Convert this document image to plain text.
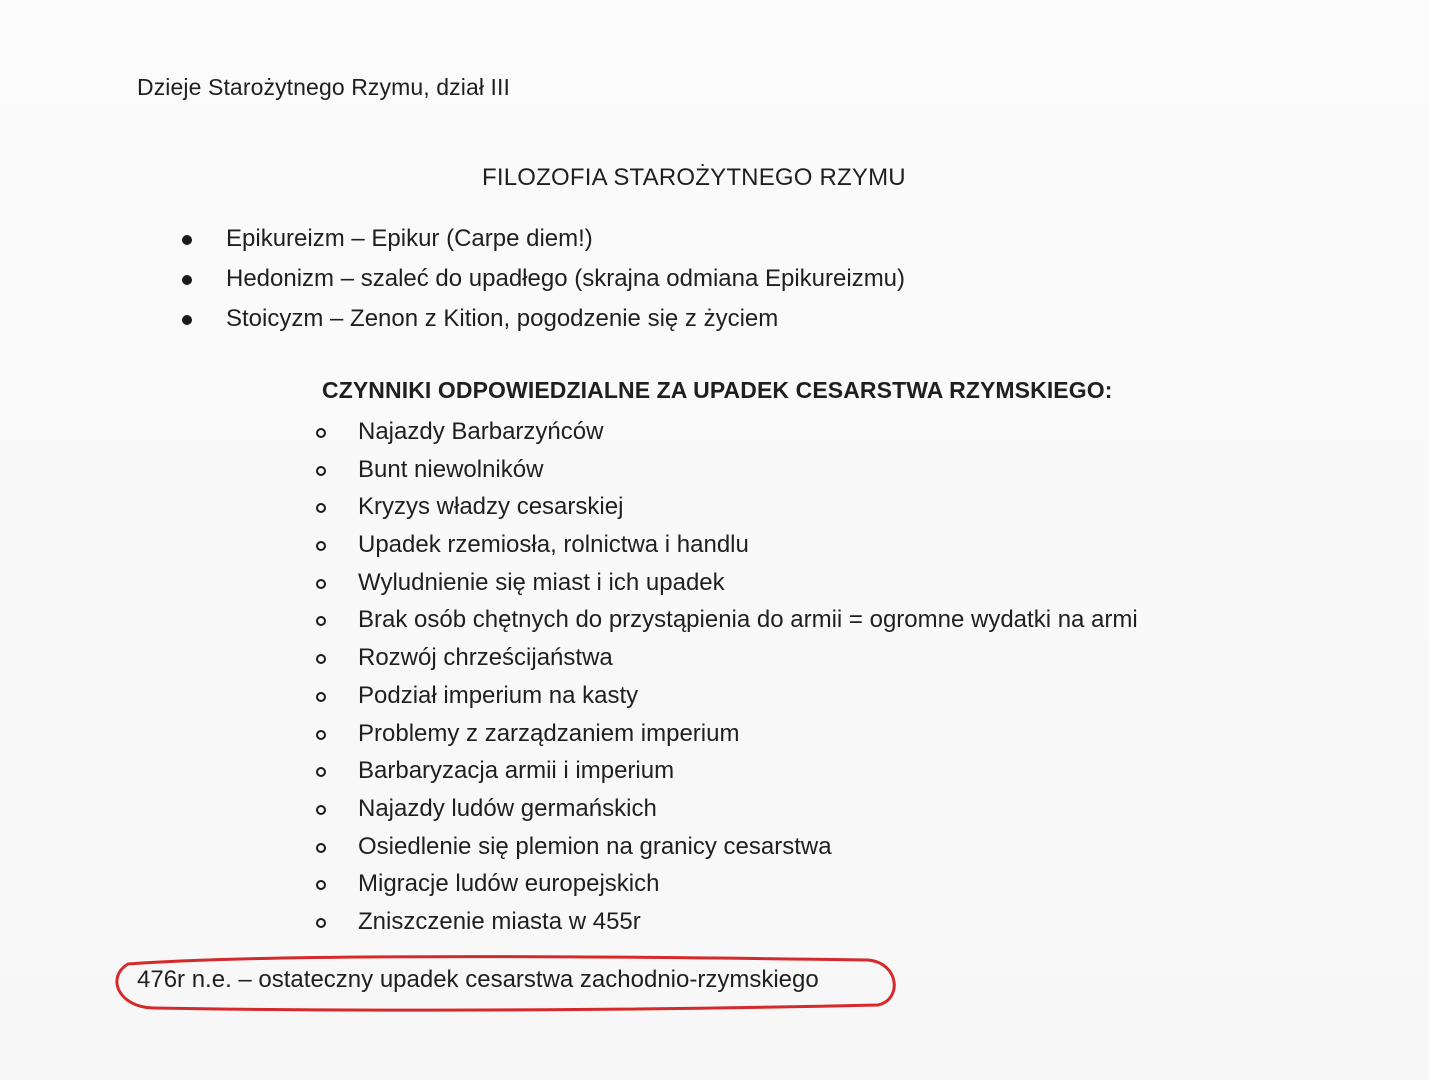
Dzieje Starożytnego Rzymu, dział III
FILOZOFIA STAROŻYTNEGO RZYMU
Epikureizm – Epikur (Carpe diem!)
Hedonizm – szaleć do upadłego (skrajna odmiana Epikureizmu)
Stoicyzm – Zenon z Kition, pogodzenie się z życiem
CZYNNIKI ODPOWIEDZIALNE ZA UPADEK CESARSTWA RZYMSKIEGO:
Najazdy Barbarzyńców
Bunt niewolników
Kryzys władzy cesarskiej
Upadek rzemiosła, rolnictwa i handlu
Wyludnienie się miast i ich upadek
Brak osób chętnych do przystąpienia do armii = ogromne wydatki na armi
Rozwój chrześcijaństwa
Podział imperium na kasty
Problemy z zarządzaniem imperium
Barbaryzacja armii i imperium
Najazdy ludów germańskich
Osiedlenie się plemion na granicy cesarstwa
Migracje ludów europejskich
Zniszczenie miasta w 455r
476r n.e. – ostateczny upadek cesarstwa zachodnio-rzymskiego
